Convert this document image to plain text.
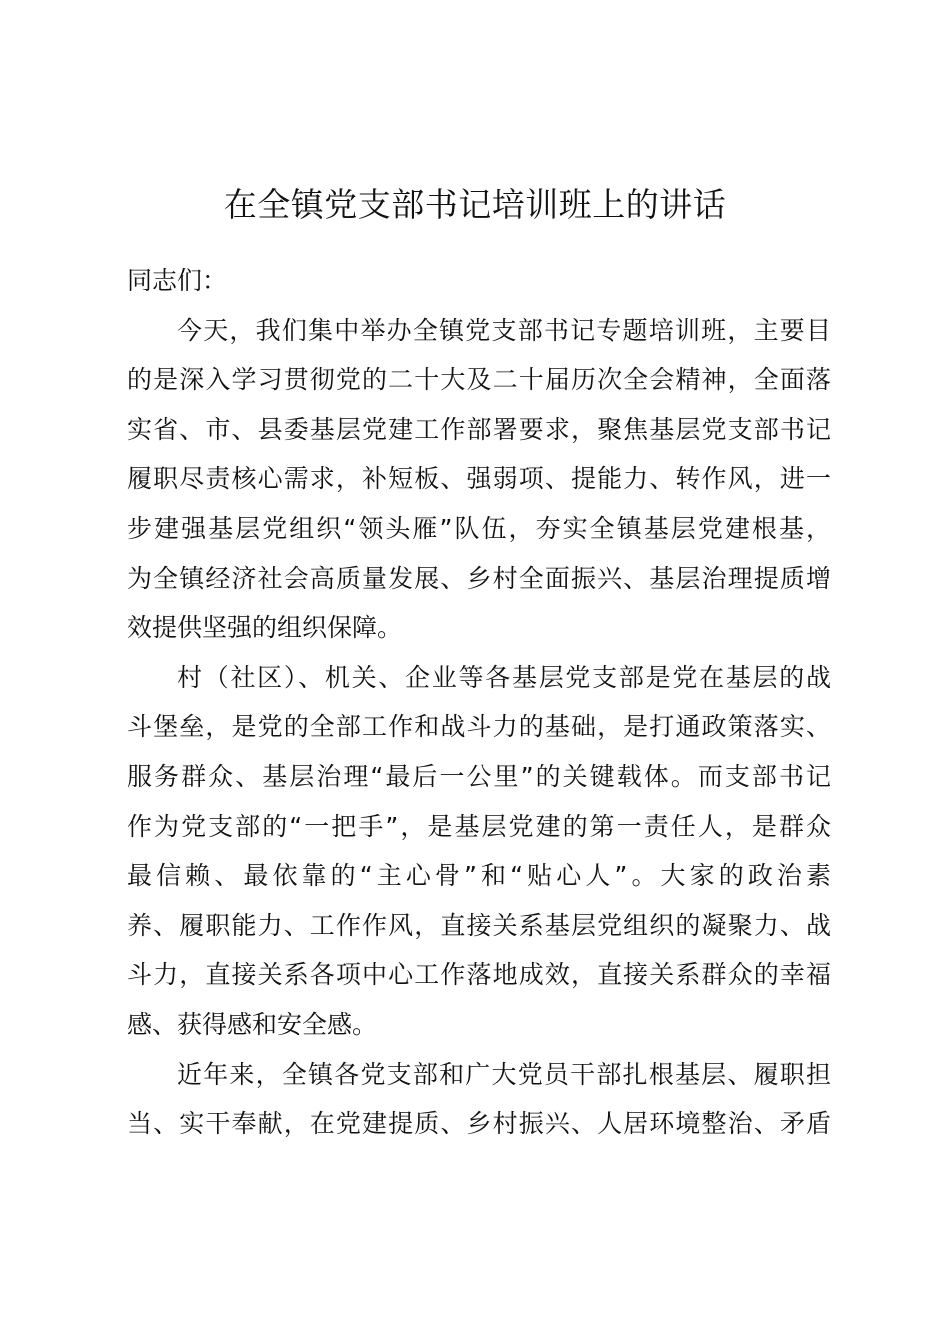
在全镇党支部书记培训班上的讲话

同志们：

今天，我们集中举办全镇党支部书记专题培训班，主要目
的是深入学习贯彻党的二十大及二十届历次全会精神，全面落
实省、市、县委基层党建工作部署要求，聚焦基层党支部书记
履职尽责核心需求，补短板、强弱项、提能力、转作风，进一
步建强基层党组织“领头雁”队伍，夯实全镇基层党建根基，
为全镇经济社会高质量发展、乡村全面振兴、基层治理提质增
效提供坚强的组织保障。

村（社区）、机关、企业等各基层党支部是党在基层的战
斗堡垒，是党的全部工作和战斗力的基础，是打通政策落实、
服务群众、基层治理“最后一公里”的关键载体。而支部书记
作为党支部的“一把手”，是基层党建的第一责任人，是群众
最信赖、最依靠的“主心骨”和“贴心人”。大家的政治素
养、履职能力、工作作风，直接关系基层党组织的凝聚力、战
斗力，直接关系各项中心工作落地成效，直接关系群众的幸福
感、获得感和安全感。

近年来，全镇各党支部和广大党员干部扎根基层、履职担
当、实干奉献，在党建提质、乡村振兴、人居环境整治、矛盾
